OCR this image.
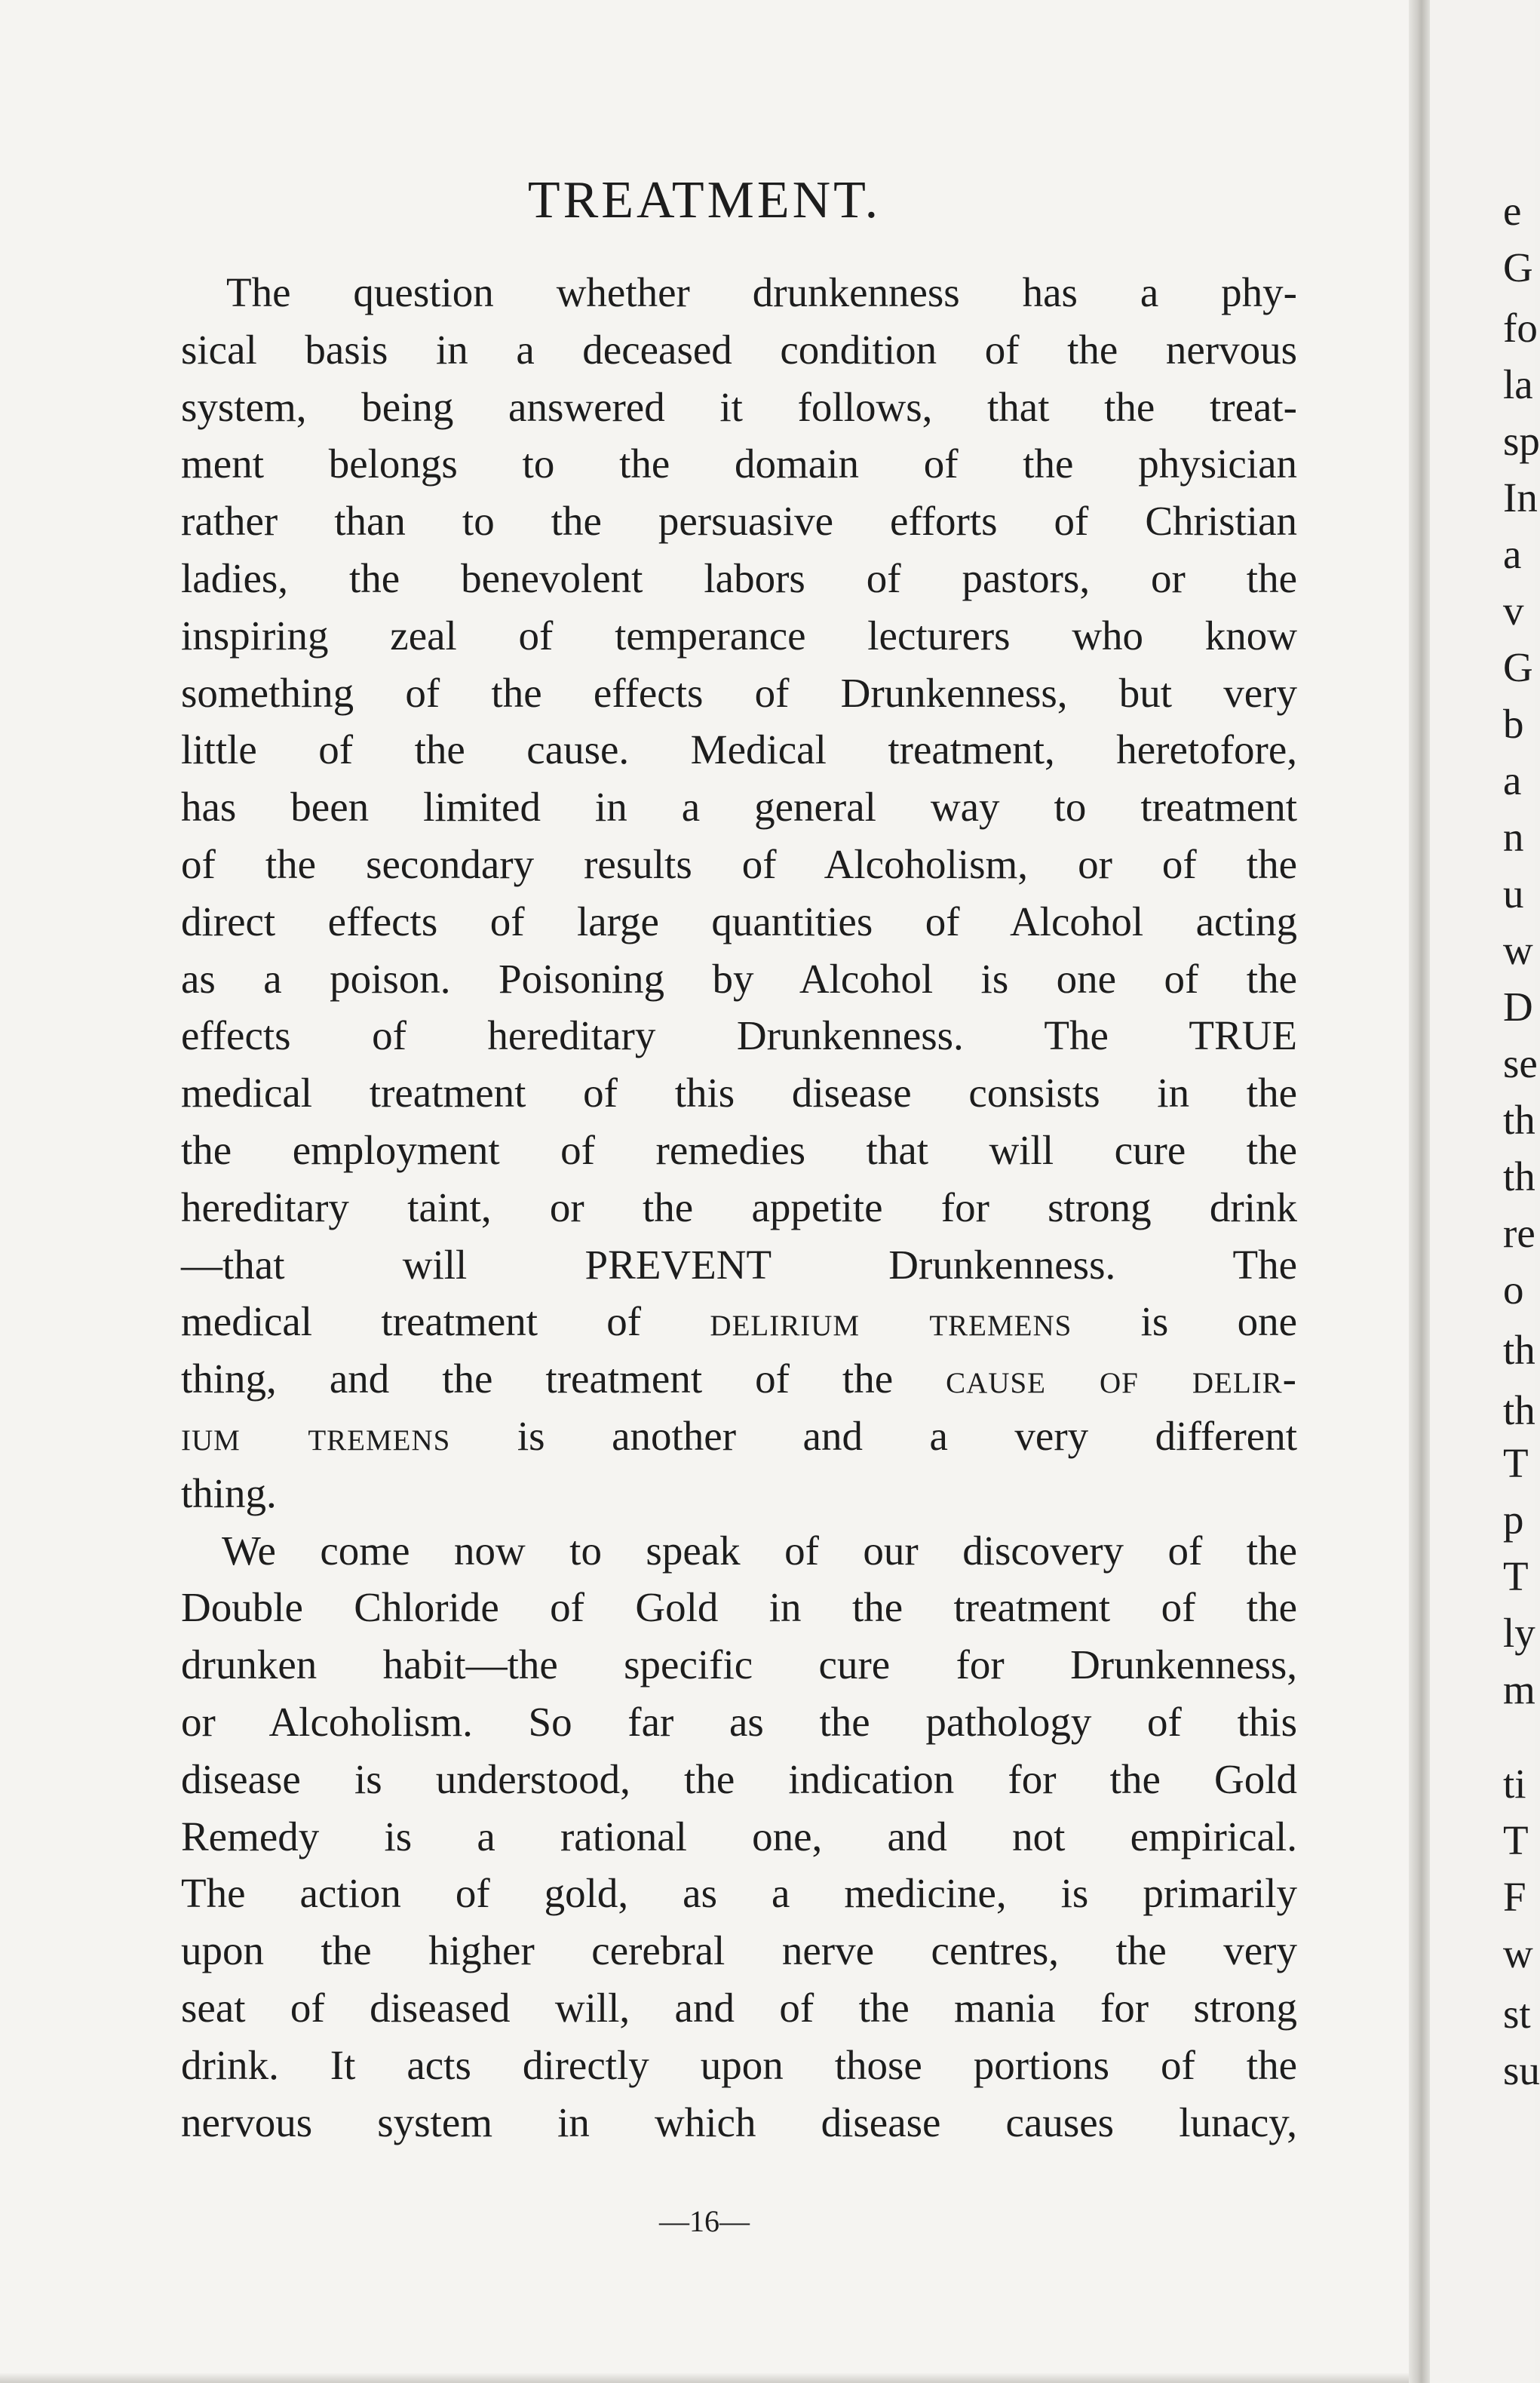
TREATMENT.
The question whether drunkenness has a phy-
sical basis in a deceased condition of the nervous
system, being answered it follows, that the treat-
ment belongs to the domain of the physician
rather than to the persuasive efforts of Christian
ladies, the benevolent labors of pastors, or the
inspiring zeal of temperance lecturers who know
something of the effects of Drunkenness, but very
little of the cause. Medical treatment, heretofore,
has been limited in a general way to treatment
of the secondary results of Alcoholism, or of the
direct effects of large quantities of Alcohol acting
as a poison. Poisoning by Alcohol is one of the
effects of hereditary Drunkenness. The TRUE
medical treatment of this disease consists in the
the employment of remedies that will cure the
hereditary taint, or the appetite for strong drink
—that will PREVENT Drunkenness. The
medical treatment of delirium tremens is one
thing, and the treatment of the cause of delir-
ium tremens is another and a very different
thing.
We come now to speak of our discovery of the
Double Chloride of Gold in the treatment of the
drunken habit—the specific cure for Drunkenness,
or Alcoholism. So far as the pathology of this
disease is understood, the indication for the Gold
Remedy is a rational one, and not empirical.
The action of gold, as a medicine, is primarily
upon the higher cerebral nerve centres, the very
seat of diseased will, and of the mania for strong
drink. It acts directly upon those portions of the
nervous system in which disease causes lunacy,
—16—
e
G
fo
la
sp
In
a
v
G
b
a
n
u
w
D
se
th
th
re
o
th
th
T
p
T
ly
m
ti
T
F
w
st
su
